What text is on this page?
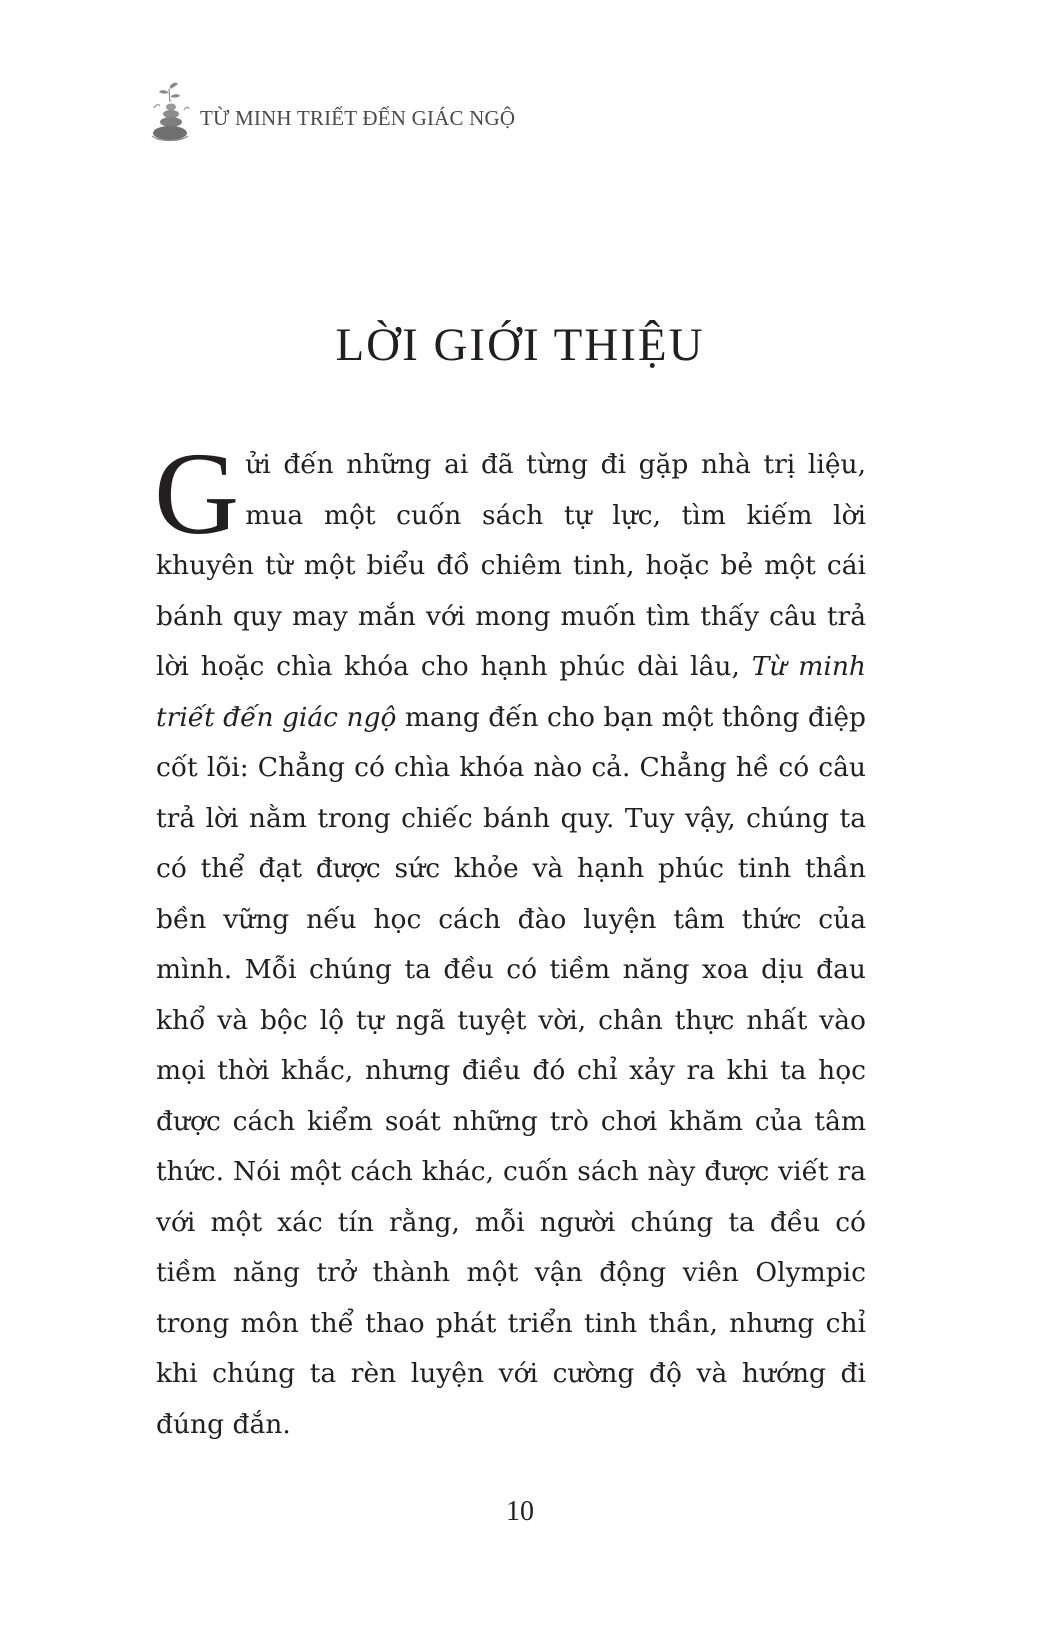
TỪ MINH TRIẾT ĐẾN GIÁC NGỘ
LỜI GIỚI THIỆU

Gửi đến những ai đã từng đi gặp nhà trị liệu, mua một cuốn sách tự lực, tìm kiếm lời khuyên từ một biểu đồ chiêm tinh, hoặc bẻ một cái bánh quy may mắn với mong muốn tìm thấy câu trả lời hoặc chìa khóa cho hạnh phúc dài lâu, Từ minh triết đến giác ngộ mang đến cho bạn một thông điệp cốt lõi: Chẳng có chìa khóa nào cả. Chẳng hề có câu trả lời nằm trong chiếc bánh quy. Tuy vậy, chúng ta có thể đạt được sức khỏe và hạnh phúc tinh thần bền vững nếu học cách đào luyện tâm thức của mình. Mỗi chúng ta đều có tiềm năng xoa dịu đau khổ và bộc lộ tự ngã tuyệt vời, chân thực nhất vào mọi thời khắc, nhưng điều đó chỉ xảy ra khi ta học được cách kiểm soát những trò chơi khăm của tâm thức. Nói một cách khác, cuốn sách này được viết ra với một xác tín rằng, mỗi người chúng ta đều có tiềm năng trở thành một vận động viên Olympic trong môn thể thao phát triển tinh thần, nhưng chỉ khi chúng ta rèn luyện với cường độ và hướng đi đúng đắn.

10
